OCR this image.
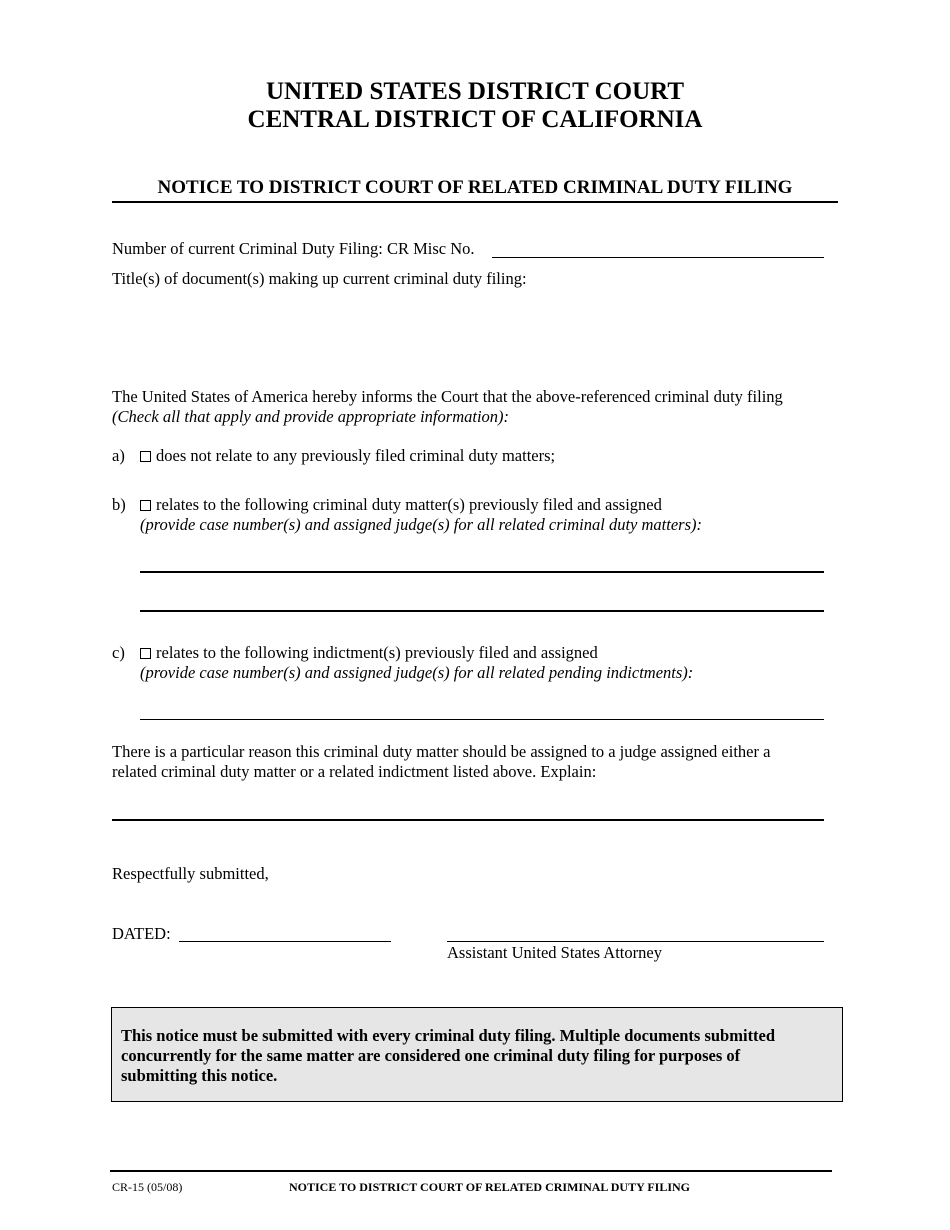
UNITED STATES DISTRICT COURT
CENTRAL DISTRICT OF CALIFORNIA
NOTICE TO DISTRICT COURT OF RELATED CRIMINAL DUTY FILING
Number of current Criminal Duty Filing: CR Misc No.
Title(s) of document(s) making up current criminal duty filing:
The United States of America hereby informs the Court that the above-referenced criminal duty filing
(Check all that apply and provide appropriate information):
a)	does not relate to any previously filed criminal duty matters;
b)	relates to the following criminal duty matter(s) previously filed and assigned
(provide case number(s) and assigned judge(s) for all related criminal duty matters):
c)	relates to the following indictment(s) previously filed and assigned
(provide case number(s) and assigned judge(s) for all related pending indictments):
There is a particular reason this criminal duty matter should be assigned to a judge assigned either a
related criminal duty matter or a related indictment listed above. Explain:
Respectfully submitted,
DATED:
Assistant United States Attorney
This notice must be submitted with every criminal duty filing. Multiple documents submitted
concurrently for the same matter are considered one criminal duty filing for purposes of
submitting this notice.
CR-15 (05/08)	NOTICE TO DISTRICT COURT OF RELATED CRIMINAL DUTY FILING
